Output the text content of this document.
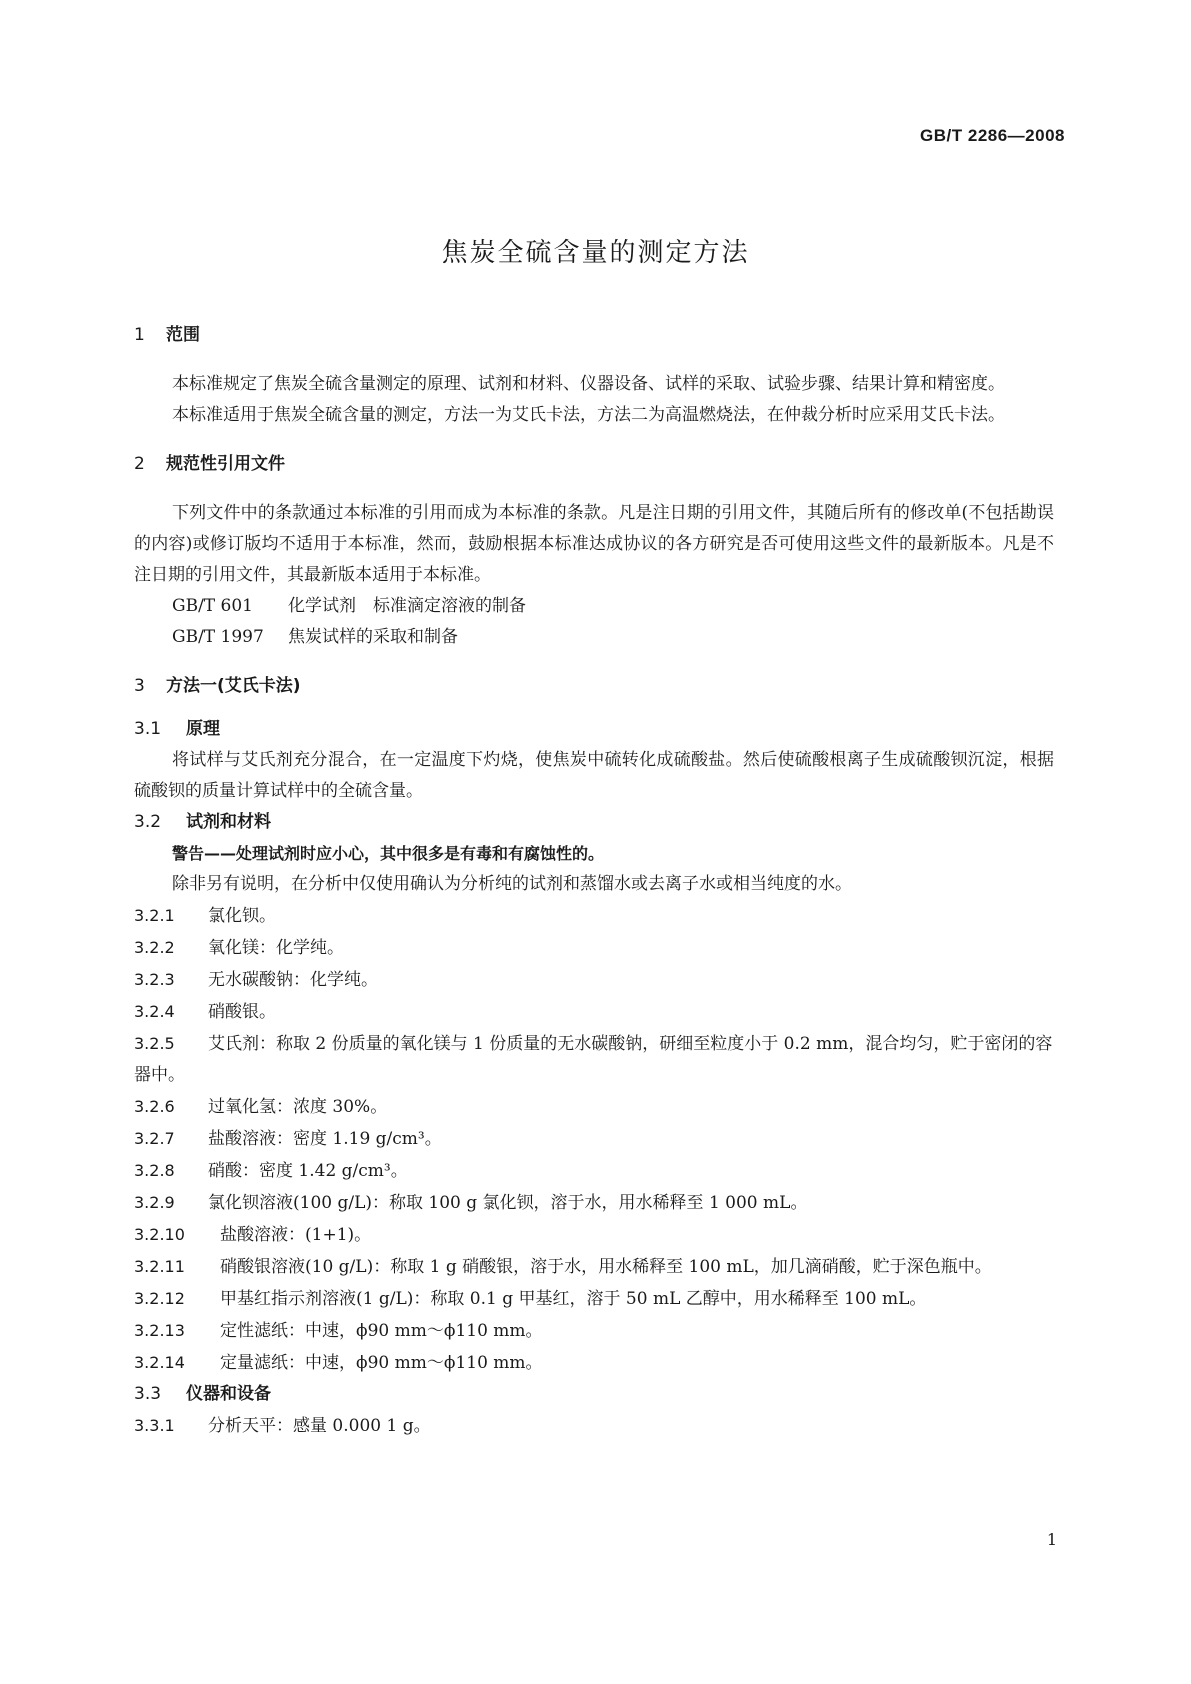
GB/T 2286—2008
焦炭全硫含量的测定方法
1 范围
本标准规定了焦炭全硫含量测定的原理、试剂和材料、仪器设备、试样的采取、试验步骤、结果计算和精密度。
本标准适用于焦炭全硫含量的测定，方法一为艾氏卡法，方法二为高温燃烧法，在仲裁分析时应采用艾氏卡法。
2 规范性引用文件
下列文件中的条款通过本标准的引用而成为本标准的条款。凡是注日期的引用文件，其随后所有的修改单(不包括勘误的内容)或修订版均不适用于本标准，然而，鼓励根据本标准达成协议的各方研究是否可使用这些文件的最新版本。凡是不注日期的引用文件，其最新版本适用于本标准。
GB/T 601 化学试剂　标准滴定溶液的制备
GB/T 1997 焦炭试样的采取和制备
3 方法一(艾氏卡法)
3.1 原理
将试样与艾氏剂充分混合，在一定温度下灼烧，使焦炭中硫转化成硫酸盐。然后使硫酸根离子生成硫酸钡沉淀，根据硫酸钡的质量计算试样中的全硫含量。
3.2 试剂和材料
警告——处理试剂时应小心，其中很多是有毒和有腐蚀性的。
除非另有说明，在分析中仅使用确认为分析纯的试剂和蒸馏水或去离子水或相当纯度的水。
3.2.1 氯化钡。
3.2.2 氧化镁：化学纯。
3.2.3 无水碳酸钠：化学纯。
3.2.4 硝酸银。
3.2.5 艾氏剂：称取 2 份质量的氧化镁与 1 份质量的无水碳酸钠，研细至粒度小于 0.2 mm，混合均匀，贮于密闭的容器中。
3.2.6 过氧化氢：浓度 30%。
3.2.7 盐酸溶液：密度 1.19 g/cm³。
3.2.8 硝酸：密度 1.42 g/cm³。
3.2.9 氯化钡溶液(100 g/L)：称取 100 g 氯化钡，溶于水，用水稀释至 1 000 mL。
3.2.10 盐酸溶液：(1+1)。
3.2.11 硝酸银溶液(10 g/L)：称取 1 g 硝酸银，溶于水，用水稀释至 100 mL，加几滴硝酸，贮于深色瓶中。
3.2.12 甲基红指示剂溶液(1 g/L)：称取 0.1 g 甲基红，溶于 50 mL 乙醇中，用水稀释至 100 mL。
3.2.13 定性滤纸：中速，ϕ90 mm～ϕ110 mm。
3.2.14 定量滤纸：中速，ϕ90 mm～ϕ110 mm。
3.3 仪器和设备
3.3.1 分析天平：感量 0.000 1 g。
1
